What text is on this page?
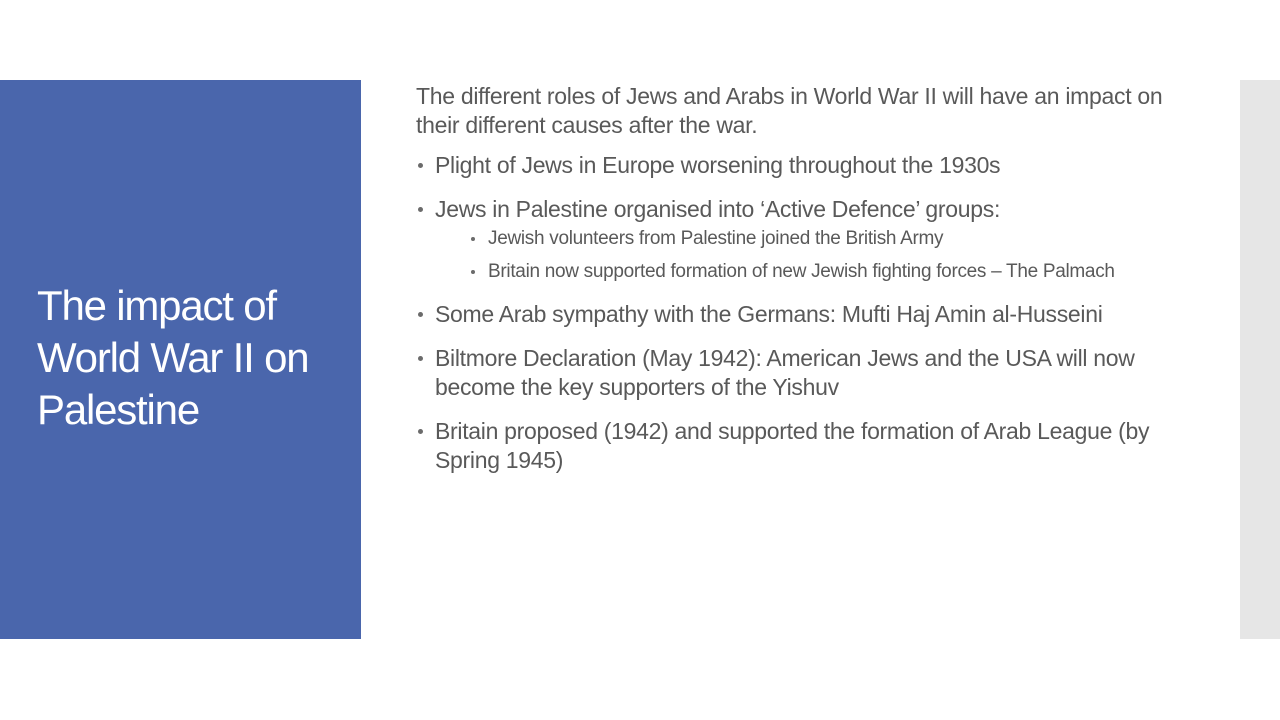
The impact of World War II on Palestine

The different roles of Jews and Arabs in World War II will have an impact on their different causes after the war.

Plight of Jews in Europe worsening throughout the 1930s
Jews in Palestine organised into ‘Active Defence’ groups:
Jewish volunteers from Palestine joined the British Army
Britain now supported formation of new Jewish fighting forces – The Palmach
Some Arab sympathy with the Germans: Mufti Haj Amin al-Husseini
Biltmore Declaration (May 1942): American Jews and the USA will now become the key supporters of the Yishuv
Britain proposed (1942) and supported the formation of Arab League (by Spring 1945)
